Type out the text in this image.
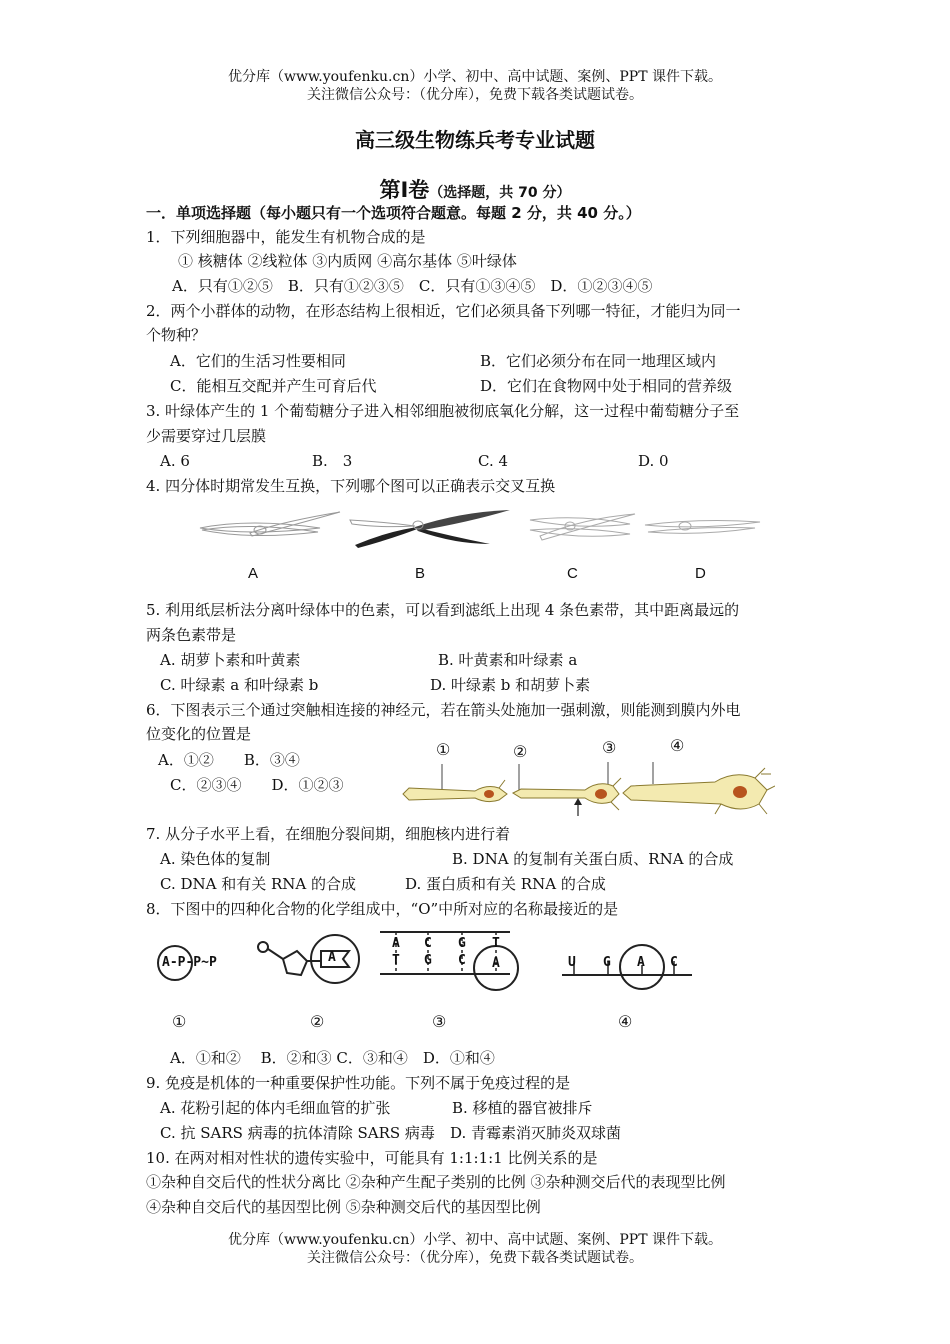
优分库（www.youfenku.cn）小学、初中、高中试题、案例、PPT 课件下载。
关注微信公众号：（优分库），免费下载各类试题试卷。
高三级生物练兵考专业试题
第Ⅰ卷（选择题，共 70 分）
一．单项选择题（每小题只有一个选项符合题意。每题 2 分，共 40 分。）
1．下列细胞器中，能发生有机物合成的是
① 核糖体 ②线粒体 ③内质网 ④高尔基体 ⑤叶绿体
A．只有①②⑤　B．只有①②③⑤　C．只有①③④⑤　D．①②③④⑤
2．两个小群体的动物，在形态结构上很相近，它们必须具备下列哪一特征，才能归为同一
个物种？
A．它们的生活习性要相同	B．它们必须分布在同一地理区域内
C．能相互交配并产生可育后代	D．它们在食物网中处于相同的营养级
3. 叶绿体产生的 1 个葡萄糖分子进入相邻细胞被彻底氧化分解，这一过程中葡萄糖分子至
少需要穿过几层膜
A. 6	B.　3	C. 4	D. 0
4. 四分体时期常发生互换，下列哪个图可以正确表示交叉互换
A	B	C	D
5. 利用纸层析法分离叶绿体中的色素，可以看到滤纸上出现 4 条色素带，其中距离最远的
两条色素带是
A. 胡萝卜素和叶黄素	B. 叶黄素和叶绿素 a
C. 叶绿素 a 和叶绿素 b	D. 叶绿素 b 和胡萝卜素
6．下图表示三个通过突触相连接的神经元，若在箭头处施加一强刺激，则能测到膜内外电
位变化的位置是
A．①②　　B．③④
C．②③④　　D．①②③
①	②	③	④
7. 从分子水平上看，在细胞分裂间期，细胞核内进行着
A. 染色体的复制	B. DNA 的复制有关蛋白质、RNA 的合成
C. DNA 和有关 RNA 的合成	D. 蛋白质和有关 RNA 的合成
8．下图中的四种化合物的化学组成中，“O”中所对应的名称最接近的是
A-P-P~P	A
A C G T
T G C A	U G A C
①	②	③	④
A．①和②　 B．②和③ C．③和④　D．①和④
9. 免疫是机体的一种重要保护性功能。下列不属于免疫过程的是
A. 花粉引起的体内毛细血管的扩张	B. 移植的器官被排斥
C. 抗 SARS 病毒的抗体清除 SARS 病毒 D. 青霉素消灭肺炎双球菌
10. 在两对相对性状的遗传实验中，可能具有 1:1:1:1 比例关系的是
①杂种自交后代的性状分离比 ②杂种产生配子类别的比例 ③杂种测交后代的表现型比例
④杂种自交后代的基因型比例 ⑤杂种测交后代的基因型比例
优分库（www.youfenku.cn）小学、初中、高中试题、案例、PPT 课件下载。
关注微信公众号：（优分库），免费下载各类试题试卷。
